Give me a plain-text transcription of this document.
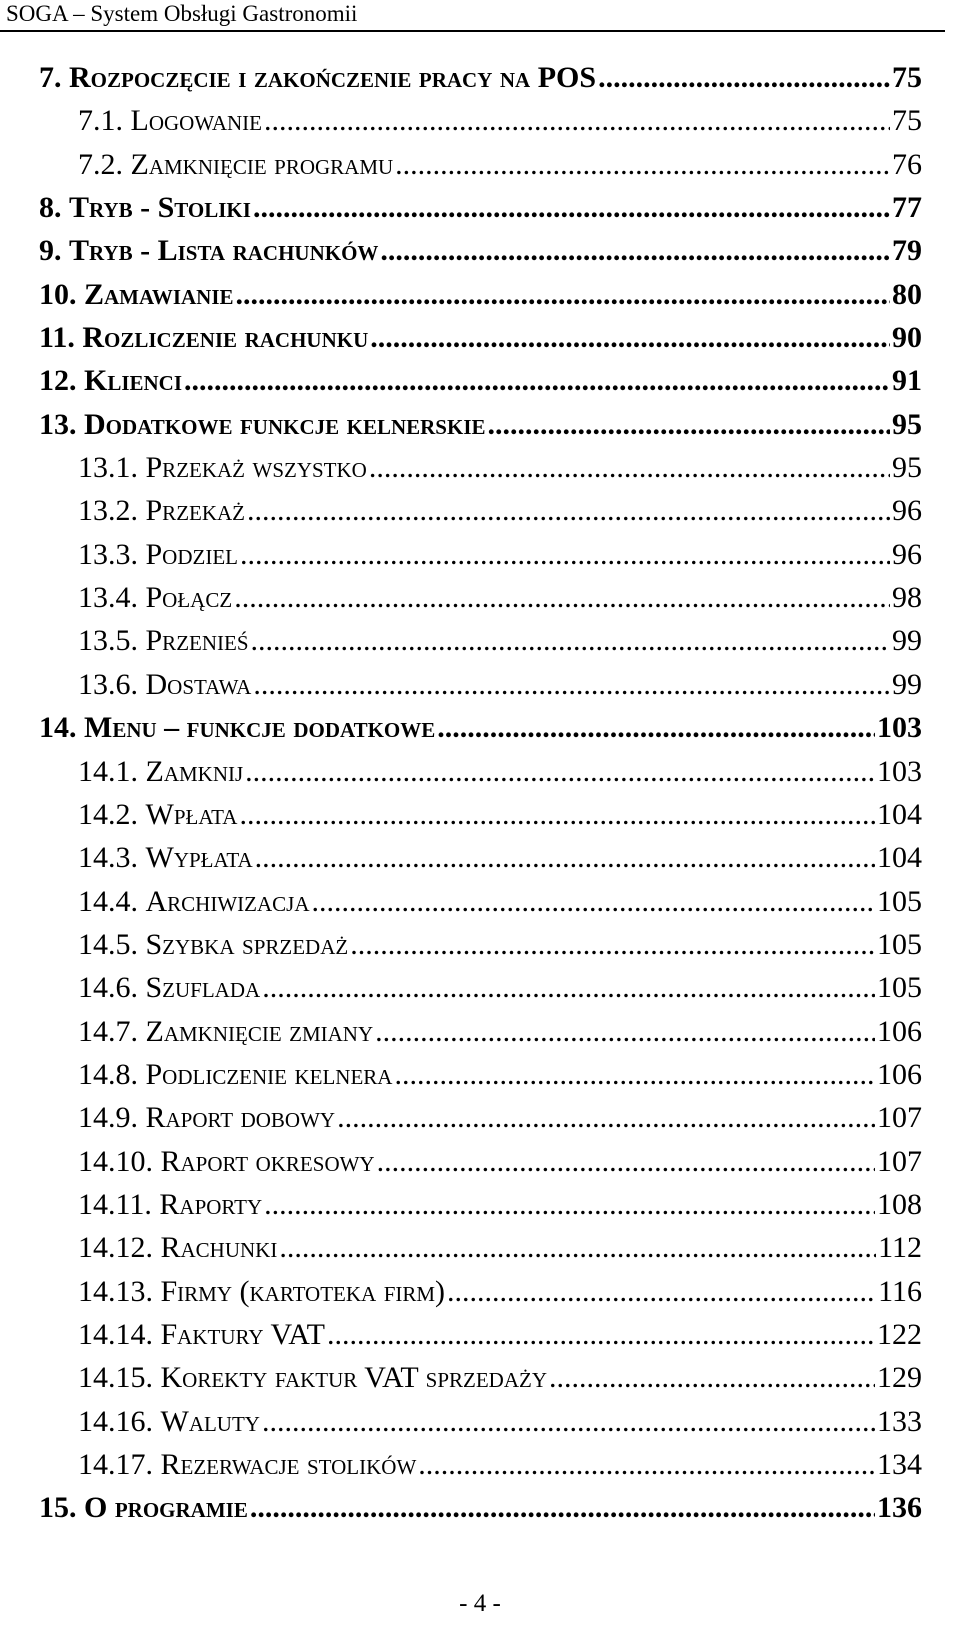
SOGA – System Obsługi Gastronomii
7. Rozpoczęcie i zakończenie pracy na POS .....	75
7.1. Logowanie .....	75
7.2. Zamknięcie programu .....	76
8. Tryb - Stoliki .....	77
9. Tryb - Lista rachunków .....	79
10. Zamawianie .....	80
11. Rozliczenie rachunku .....	90
12. Klienci .....	91
13. Dodatkowe funkcje kelnerskie .....	95
13.1. Przekaż wszystko .....	95
13.2. Przekaż .....	96
13.3. Podziel .....	96
13.4. Połącz .....	98
13.5. Przenieś .....	99
13.6. Dostawa .....	99
14. Menu – funkcje dodatkowe .....	103
14.1. Zamknij .....	103
14.2. Wpłata .....	104
14.3. Wypłata .....	104
14.4. Archiwizacja .....	105
14.5. Szybka sprzedaż .....	105
14.6. Szuflada .....	105
14.7. Zamknięcie zmiany .....	106
14.8. Podliczenie kelnera .....	106
14.9. Raport dobowy .....	107
14.10. Raport okresowy .....	107
14.11. Raporty .....	108
14.12. Rachunki .....	112
14.13. Firmy (kartoteka firm) .....	116
14.14. Faktury VAT .....	122
14.15. Korekty faktur VAT sprzedaży .....	129
14.16. Waluty .....	133
14.17. Rezerwacje stolików .....	134
15. O programie .....	136
- 4 -
